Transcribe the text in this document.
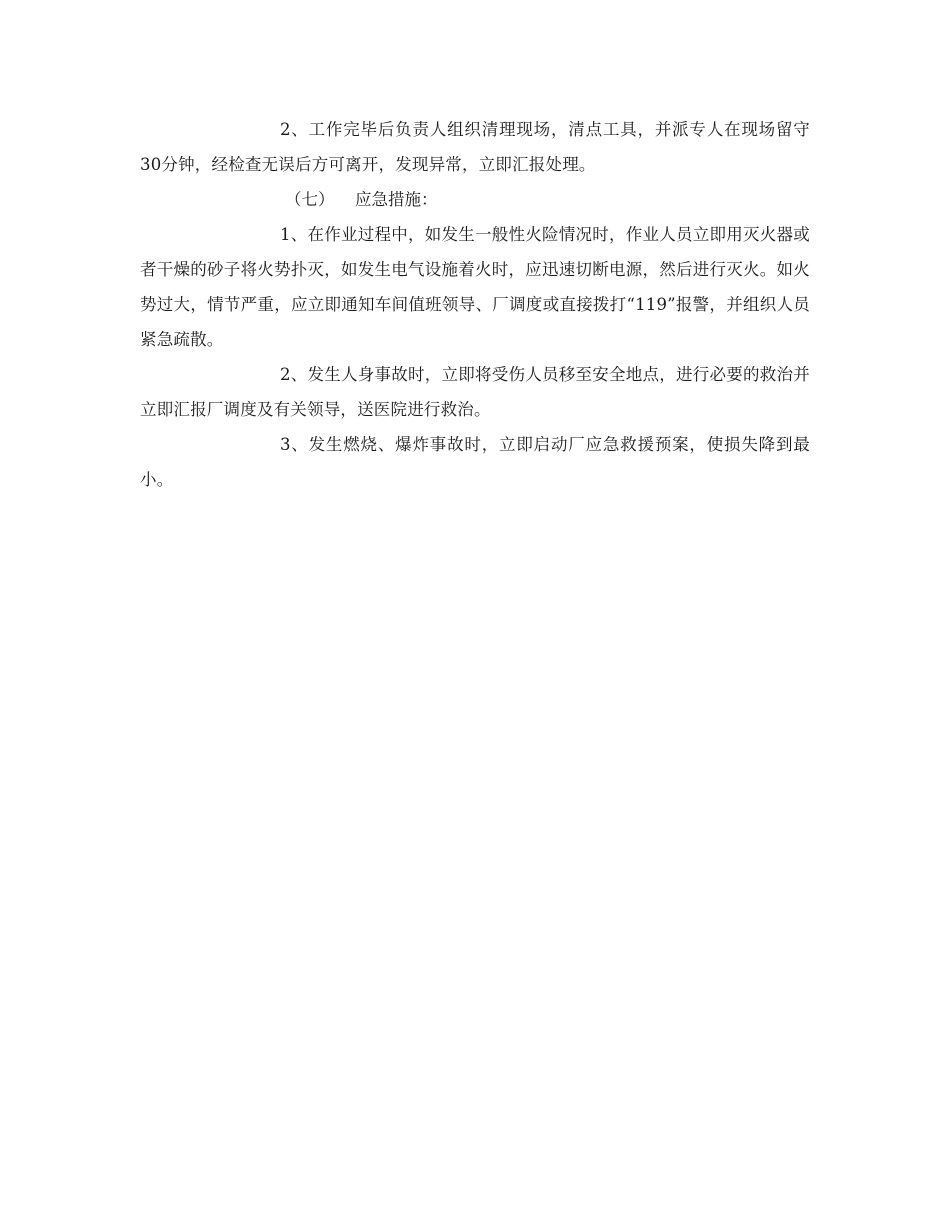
2、工作完毕后负责人组织清理现场，清点工具，并派专人在现场留守30分钟，经检查无误后方可离开，发现异常，立即汇报处理。

（七） 应急措施：

1、在作业过程中，如发生一般性火险情况时，作业人员立即用灭火器或者干燥的砂子将火势扑灭，如发生电气设施着火时，应迅速切断电源，然后进行灭火。如火势过大，情节严重，应立即通知车间值班领导、厂调度或直接拨打“119”报警，并组织人员紧急疏散。

2、发生人身事故时，立即将受伤人员移至安全地点，进行必要的救治并立即汇报厂调度及有关领导，送医院进行救治。

3、发生燃烧、爆炸事故时，立即启动厂应急救援预案，使损失降到最小。
